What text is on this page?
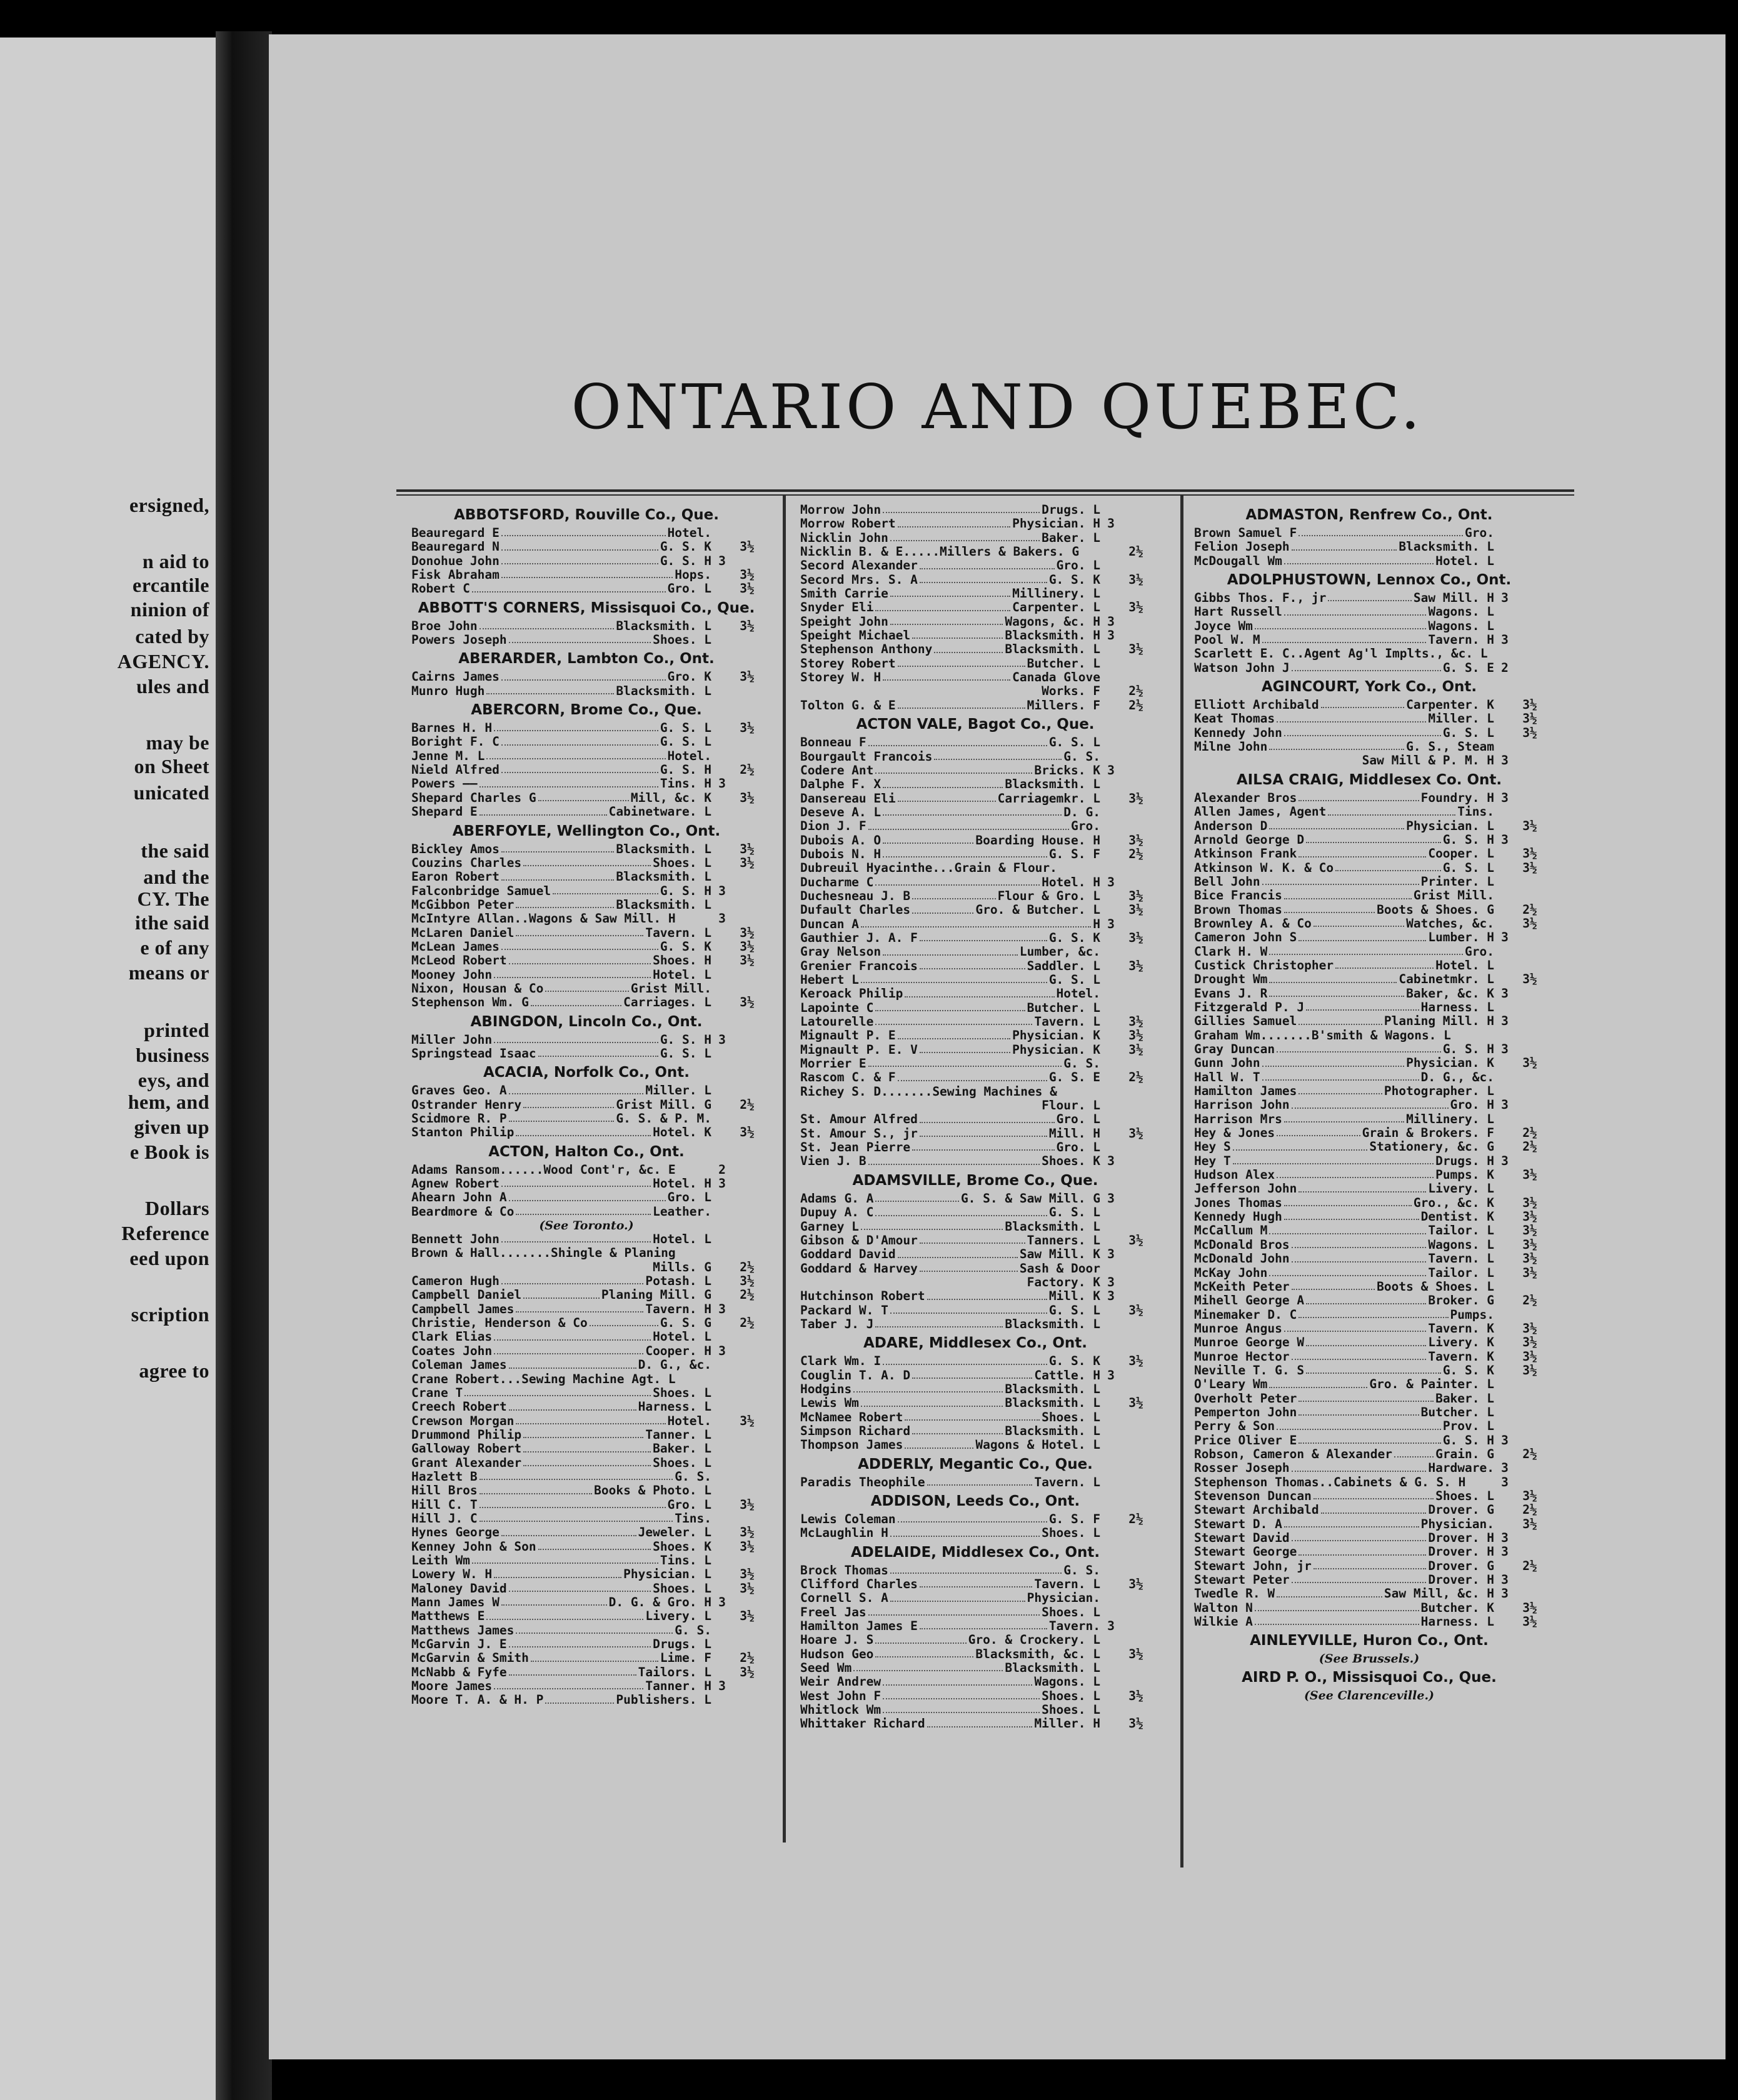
ersigned,
n aid to
ercantile
ninion of
cated by
AGENCY.
ules and
may be
on Sheet
unicated
the said
and the
CY. The
ithe said
e of any
means or
printed
business
eys, and
hem, and
given up
e Book is
Dollars
Reference
eed upon
scription
agree to
ONTARIO AND QUEBEC.
ABBOTSFORD, Rouville Co., Que.
Beauregard E	Hotel.
Beauregard N	G. S. K	3½
Donohue John	G. S. H 3
Fisk Abraham	Hops.	3½
Robert C	Gro. L	3½
ABBOTT'S CORNERS, Missisquoi Co., Que.
Broe John	Blacksmith. L	3½
Powers Joseph	Shoes. L
ABERARDER, Lambton Co., Ont.
Cairns James	Gro. K	3½
Munro Hugh	Blacksmith. L
ABERCORN, Brome Co., Que.
Barnes H. H	G. S. L	3½
Boright F. C	G. S. L
Jenne M. L	Hotel.
Nield Alfred	G. S. H	2½
Powers ——	Tins. H 3
Shepard Charles G	Mill, &c. K	3½
Shepard E	Cabinetware. L
ABERFOYLE, Wellington Co., Ont.
Bickley Amos	Blacksmith. L	3½
Couzins Charles	Shoes. L	3½
Earon Robert	Blacksmith. L
Falconbridge Samuel	G. S. H 3
McGibbon Peter	Blacksmith. L
McIntyre Allan..Wagons & Saw Mill. H	3
McLaren Daniel	Tavern. L	3½
McLean James	G. S. K	3½
McLeod Robert	Shoes. H	3½
Mooney John	Hotel. L
Nixon, Housan & Co	Grist Mill.
Stephenson Wm. G	Carriages. L	3½
ABINGDON, Lincoln Co., Ont.
Miller John	G. S. H 3
Springstead Isaac	G. S. L
ACACIA, Norfolk Co., Ont.
Graves Geo. A	Miller. L
Ostrander Henry	Grist Mill. G	2½
Scidmore R. P	G. S. & P. M.
Stanton Philip	Hotel. K	3½
ACTON, Halton Co., Ont.
Adams Ransom......Wood Cont'r, &c. E	2
Agnew Robert	Hotel. H 3
Ahearn John A	Gro. L
Beardmore & Co	Leather.
(See Toronto.)
Bennett John	Hotel. L
Brown & Hall.......Shingle & Planing
Mills. G	2½
Cameron Hugh	Potash. L	3½
Campbell Daniel	Planing Mill. G	2½
Campbell James	Tavern. H 3
Christie, Henderson & Co	G. S. G	2½
Clark Elias	Hotel. L
Coates John	Cooper. H 3
Coleman James	D. G., &c.
Crane Robert...Sewing Machine Agt. L
Crane T	Shoes. L
Creech Robert	Harness. L
Crewson Morgan	Hotel.	3½
Drummond Philip	Tanner. L
Galloway Robert	Baker. L
Grant Alexander	Shoes. L
Hazlett B	G. S.
Hill Bros	Books & Photo. L
Hill C. T	Gro. L	3½
Hill J. C	Tins.
Hynes George	Jeweler. L	3½
Kenney John & Son	Shoes. K	3½
Leith Wm	Tins. L
Lowery W. H	Physician. L	3½
Maloney David	Shoes. L	3½
Mann James W	D. G. & Gro. H 3
Matthews E	Livery. L	3½
Matthews James	G. S.
McGarvin J. E	Drugs. L
McGarvin & Smith	Lime. F	2½
McNabb & Fyfe	Tailors. L	3½
Moore James	Tanner. H 3
Moore T. A. & H. P	Publishers. L
Morrow John	Drugs. L
Morrow Robert	Physician. H 3
Nicklin John	Baker. L
Nicklin B. & E.....Millers & Bakers. G	2½
Secord Alexander	Gro. L
Secord Mrs. S. A	G. S. K	3½
Smith Carrie	Millinery. L
Snyder Eli	Carpenter. L	3½
Speight John	Wagons, &c. H 3
Speight Michael	Blacksmith. H 3
Stephenson Anthony	Blacksmith. L	3½
Storey Robert	Butcher. L
Storey W. H	Canada Glove
Works. F	2½
Tolton G. & E	Millers. F	2½
ACTON VALE, Bagot Co., Que.
Bonneau F	G. S. L
Bourgault Francois	G. S.
Codere Ant	Bricks. K 3
Dalphe F. X	Blacksmith. L
Dansereau Eli	Carriagemkr. L	3½
Deseve A. L	D. G.
Dion J. F	Gro.
Dubois A. O	Boarding House. H	3½
Dubois N. H	G. S. F	2½
Dubreuil Hyacinthe...Grain & Flour.
Ducharme C	Hotel. H 3
Duchesneau J. B	Flour & Gro. L	3½
Dufault Charles	Gro. & Butcher. L	3½
Duncan A	H 3
Gauthier J. A. F	G. S. K	3½
Gray Nelson	Lumber, &c.
Grenier Francois	Saddler. L	3½
Hebert L	G. S. L
Keroack Philip	Hotel.
Lapointe C	Butcher. L
Latourelle	Tavern. L	3½
Mignault P. E	Physician. K	3½
Mignault P. E. V	Physician. K	3½
Morrier E	G. S.
Rascom C. & F	G. S. E	2½
Richey S. D.......Sewing Machines &
Flour. L
St. Amour Alfred	Gro. L
St. Amour S., jr	Mill. H	3½
St. Jean Pierre	Gro. L
Vien J. B	Shoes. K 3
ADAMSVILLE, Brome Co., Que.
Adams G. A	G. S. & Saw Mill. G 3
Dupuy A. C	G. S. L
Garney L	Blacksmith. L
Gibson & D'Amour	Tanners. L	3½
Goddard David	Saw Mill. K 3
Goddard & Harvey	Sash & Door
Factory. K 3
Hutchinson Robert	Mill. K 3
Packard W. T	G. S. L	3½
Taber J. J	Blacksmith. L
ADARE, Middlesex Co., Ont.
Clark Wm. I	G. S. K	3½
Couglin T. A. D	Cattle. H 3
Hodgins	Blacksmith. L
Lewis Wm	Blacksmith. L	3½
McNamee Robert	Shoes. L
Simpson Richard	Blacksmith. L
Thompson James	Wagons & Hotel. L
ADDERLY, Megantic Co., Que.
Paradis Theophile	Tavern. L
ADDISON, Leeds Co., Ont.
Lewis Coleman	G. S. F	2½
McLaughlin H	Shoes. L
ADELAIDE, Middlesex Co., Ont.
Brock Thomas	G. S.
Clifford Charles	Tavern. L	3½
Cornell S. A	Physician.
Freel Jas	Shoes. L
Hamilton James E	Tavern. 3
Hoare J. S	Gro. & Crockery. L
Hudson Geo	Blacksmith, &c. L	3½
Seed Wm	Blacksmith. L
Weir Andrew	Wagons. L
West John F	Shoes. L	3½
Whitlock Wm	Shoes. L
Whittaker Richard	Miller. H	3½
ADMASTON, Renfrew Co., Ont.
Brown Samuel F	Gro.
Felion Joseph	Blacksmith. L
McDougall Wm	Hotel. L
ADOLPHUSTOWN, Lennox Co., Ont.
Gibbs Thos. F., jr	Saw Mill. H 3
Hart Russell	Wagons. L
Joyce Wm	Wagons. L
Pool W. M	Tavern. H 3
Scarlett E. C..Agent Ag'l Implts., &c. L
Watson John J	G. S. E 2
AGINCOURT, York Co., Ont.
Elliott Archibald	Carpenter. K	3½
Keat Thomas	Miller. L	3½
Kennedy John	G. S. L	3½
Milne John	G. S., Steam
Saw Mill & P. M. H 3
AILSA CRAIG, Middlesex Co. Ont.
Alexander Bros	Foundry. H 3
Allen James, Agent	Tins.
Anderson D	Physician. L	3½
Arnold George D	G. S. H 3
Atkinson Frank	Cooper. L	3½
Atkinson W. K. & Co	G. S. L	3½
Bell John	Printer. L
Bice Francis	Grist Mill.
Brown Thomas	Boots & Shoes. G	2½
Brownley A. & Co	Watches, &c.	3½
Cameron John S	Lumber. H 3
Clark H. W	Gro.
Custick Christopher	Hotel. L
Drought Wm	Cabinetmkr. L	3½
Evans J. R	Baker, &c. K 3
Fitzgerald P. J	Harness. L
Gillies Samuel	Planing Mill. H 3
Graham Wm.......B'smith & Wagons. L
Gray Duncan	G. S. H 3
Gunn John	Physician. K	3½
Hall W. T	D. G., &c.
Hamilton James	Photographer. L
Harrison John	Gro. H 3
Harrison Mrs	Millinery. L
Hey & Jones	Grain & Brokers. F	2½
Hey S	Stationery, &c. G	2½
Hey T	Drugs. H 3
Hudson Alex	Pumps. K	3½
Jefferson John	Livery. L
Jones Thomas	Gro., &c. K	3½
Kennedy Hugh	Dentist. K	3½
McCallum M	Tailor. L	3½
McDonald Bros	Wagons. L	3½
McDonald John	Tavern. L	3½
McKay John	Tailor. L	3½
McKeith Peter	Boots & Shoes. L
Mihell George A	Broker. G	2½
Minemaker D. C	Pumps.
Munroe Angus	Tavern. K	3½
Munroe George W	Livery. K	3½
Munroe Hector	Tavern. K	3½
Neville T. G. S	G. S. K	3½
O'Leary Wm	Gro. & Painter. L
Overholt Peter	Baker. L
Pemperton John	Butcher. L
Perry & Son	Prov. L
Price Oliver E	G. S. H 3
Robson, Cameron & Alexander	Grain. G	2½
Rosser Joseph	Hardware. 3
Stephenson Thomas..Cabinets & G. S. H	3
Stevenson Duncan	Shoes. L	3½
Stewart Archibald	Drover. G	2½
Stewart D. A	Physician.	3½
Stewart David	Drover. H 3
Stewart George	Drover. H 3
Stewart John, jr	Drover. G	2½
Stewart Peter	Drover. H 3
Twedle R. W	Saw Mill, &c. H 3
Walton N	Butcher. K	3½
Wilkie A	Harness. L	3½
AINLEYVILLE, Huron Co., Ont.
(See Brussels.)
AIRD P. O., Missisquoi Co., Que.
(See Clarenceville.)
